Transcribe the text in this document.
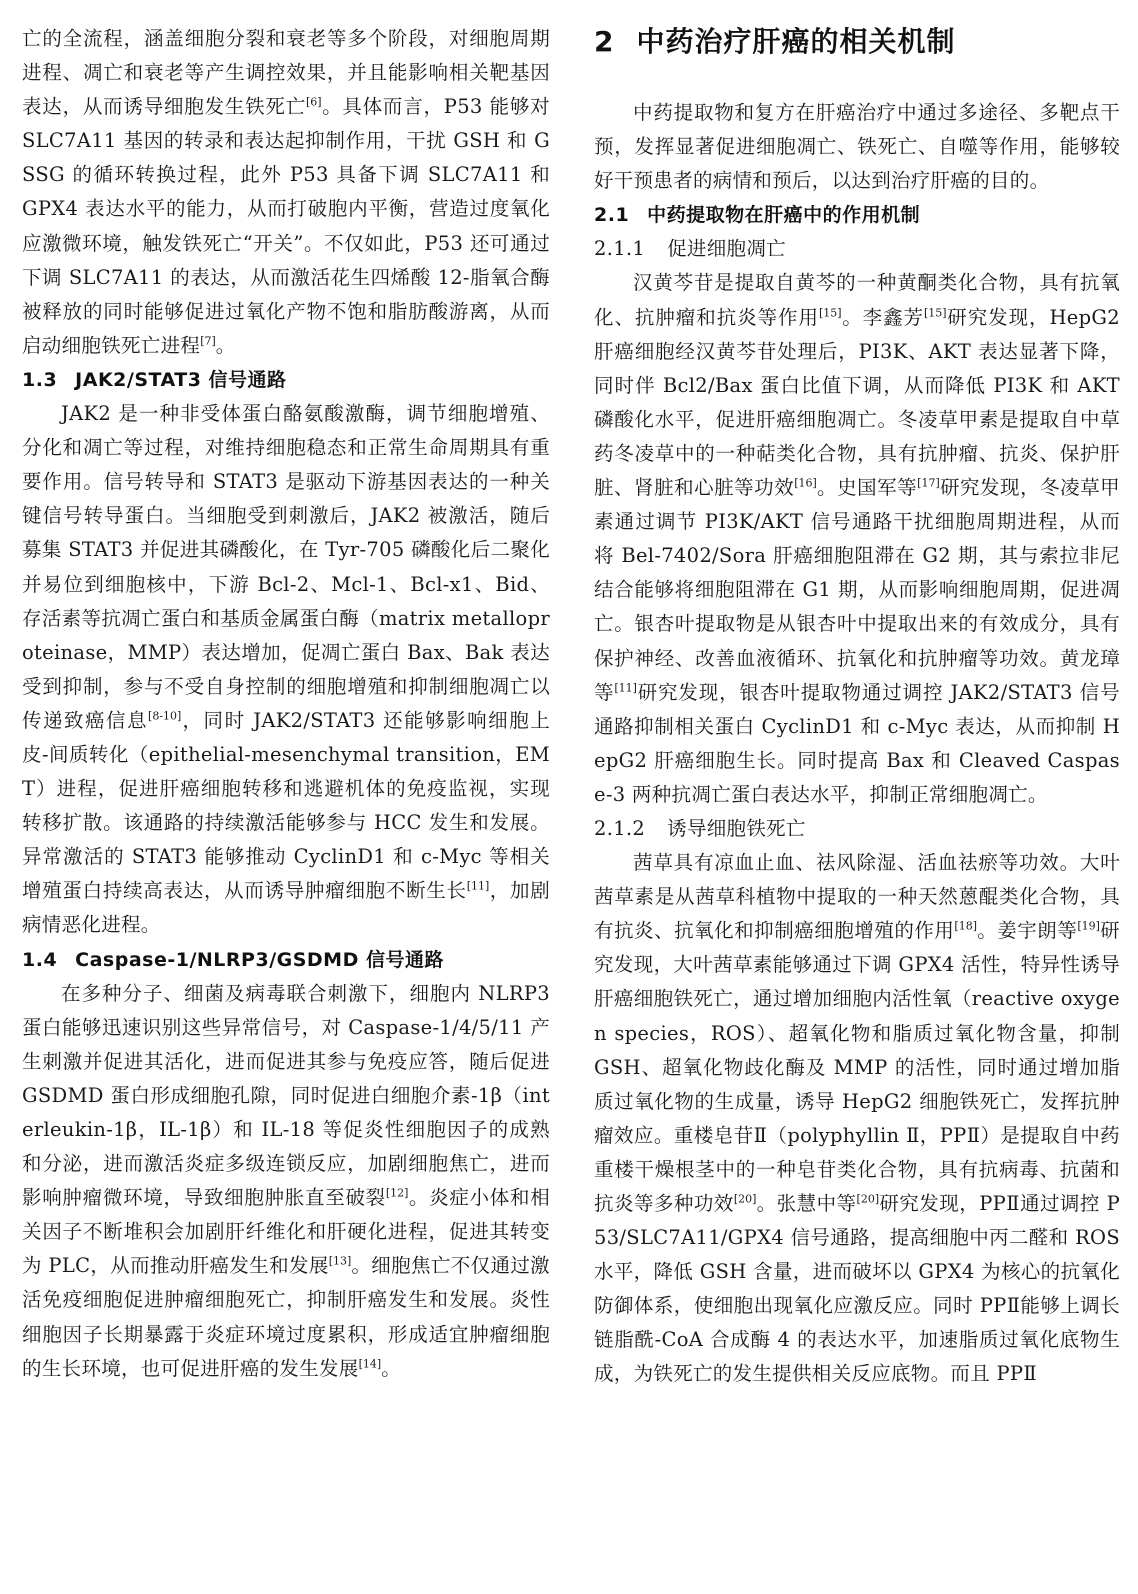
亡的全流程，涵盖细胞分裂和衰老等多个阶段，对细胞周期进程、凋亡和衰老等产生调控效果，并且能影响相关靶基因表达，从而诱导细胞发生铁死亡[6]。具体而言，P53 能够对 SLC7A11 基因的转录和表达起抑制作用，干扰 GSH 和 GSSG 的循环转换过程，此外 P53 具备下调 SLC7A11 和 GPX4 表达水平的能力，从而打破胞内平衡，营造过度氧化应激微环境，触发铁死亡“开关”。不仅如此，P53 还可通过下调 SLC7A11 的表达，从而激活花生四烯酸 12-脂氧合酶被释放的同时能够促进过氧化产物不饱和脂肪酸游离，从而启动细胞铁死亡进程[7]。

1.3 JAK2/STAT3 信号通路

JAK2 是一种非受体蛋白酪氨酸激酶，调节细胞增殖、分化和凋亡等过程，对维持细胞稳态和正常生命周期具有重要作用。信号转导和 STAT3 是驱动下游基因表达的一种关键信号转导蛋白。当细胞受到刺激后，JAK2 被激活，随后募集 STAT3 并促进其磷酸化，在 Tyr-705 磷酸化后二聚化并易位到细胞核中，下游 Bcl-2、Mcl-1、Bcl-x1、Bid、存活素等抗凋亡蛋白和基质金属蛋白酶（matrix metalloproteinase，MMP）表达增加，促凋亡蛋白 Bax、Bak 表达受到抑制，参与不受自身控制的细胞增殖和抑制细胞凋亡以传递致癌信息[8-10]，同时 JAK2/STAT3 还能够影响细胞上皮-间质转化（epithelial-mesenchymal transition，EMT）进程，促进肝癌细胞转移和逃避机体的免疫监视，实现转移扩散。该通路的持续激活能够参与 HCC 发生和发展。异常激活的 STAT3 能够推动 CyclinD1 和 c-Myc 等相关增殖蛋白持续高表达，从而诱导肿瘤细胞不断生长[11]，加剧病情恶化进程。

1.4 Caspase-1/NLRP3/GSDMD 信号通路

在多种分子、细菌及病毒联合刺激下，细胞内 NLRP3 蛋白能够迅速识别这些异常信号，对 Caspase-1/4/5/11 产生刺激并促进其活化，进而促进其参与免疫应答，随后促进 GSDMD 蛋白形成细胞孔隙，同时促进白细胞介素-1β（interleukin-1β，IL-1β）和 IL-18 等促炎性细胞因子的成熟和分泌，进而激活炎症多级连锁反应，加剧细胞焦亡，进而影响肿瘤微环境，导致细胞肿胀直至破裂[12]。炎症小体和相关因子不断堆积会加剧肝纤维化和肝硬化进程，促进其转变为 PLC，从而推动肝癌发生和发展[13]。细胞焦亡不仅通过激活免疫细胞促进肿瘤细胞死亡，抑制肝癌发生和发展。炎性细胞因子长期暴露于炎症环境过度累积，形成适宜肿瘤细胞的生长环境，也可促进肝癌的发生发展[14]。

2 中药治疗肝癌的相关机制

中药提取物和复方在肝癌治疗中通过多途径、多靶点干预，发挥显著促进细胞凋亡、铁死亡、自噬等作用，能够较好干预患者的病情和预后，以达到治疗肝癌的目的。

2.1 中药提取物在肝癌中的作用机制
2.1.1 促进细胞凋亡

汉黄芩苷是提取自黄芩的一种黄酮类化合物，具有抗氧化、抗肿瘤和抗炎等作用[15]。李鑫芳[15]研究发现，HepG2 肝癌细胞经汉黄芩苷处理后，PI3K、AKT 表达显著下降，同时伴 Bcl2/Bax 蛋白比值下调，从而降低 PI3K 和 AKT 磷酸化水平，促进肝癌细胞凋亡。冬凌草甲素是提取自中草药冬凌草中的一种萜类化合物，具有抗肿瘤、抗炎、保护肝脏、肾脏和心脏等功效[16]。史国军等[17]研究发现，冬凌草甲素通过调节 PI3K/AKT 信号通路干扰细胞周期进程，从而将 Bel-7402/Sora 肝癌细胞阻滞在 G2 期，其与索拉非尼结合能够将细胞阻滞在 G1 期，从而影响细胞周期，促进凋亡。银杏叶提取物是从银杏叶中提取出来的有效成分，具有保护神经、改善血液循环、抗氧化和抗肿瘤等功效。黄龙璋等[11]研究发现，银杏叶提取物通过调控 JAK2/STAT3 信号通路抑制相关蛋白 CyclinD1 和 c-Myc 表达，从而抑制 HepG2 肝癌细胞生长。同时提高 Bax 和 Cleaved Caspase-3 两种抗凋亡蛋白表达水平，抑制正常细胞凋亡。

2.1.2 诱导细胞铁死亡

茜草具有凉血止血、祛风除湿、活血祛瘀等功效。大叶茜草素是从茜草科植物中提取的一种天然蒽醌类化合物，具有抗炎、抗氧化和抑制癌细胞增殖的作用[18]。姜宇朗等[19]研究发现，大叶茜草素能够通过下调 GPX4 活性，特异性诱导肝癌细胞铁死亡，通过增加细胞内活性氧（reactive oxygen species，ROS）、超氧化物和脂质过氧化物含量，抑制 GSH、超氧化物歧化酶及 MMP 的活性，同时通过增加脂质过氧化物的生成量，诱导 HepG2 细胞铁死亡，发挥抗肿瘤效应。重楼皂苷Ⅱ（polyphyllin Ⅱ，PPⅡ）是提取自中药重楼干燥根茎中的一种皂苷类化合物，具有抗病毒、抗菌和抗炎等多种功效[20]。张慧中等[20]研究发现，PPⅡ通过调控 P53/SLC7A11/GPX4 信号通路，提高细胞中丙二醛和 ROS 水平，降低 GSH 含量，进而破坏以 GPX4 为核心的抗氧化防御体系，使细胞出现氧化应激反应。同时 PPⅡ能够上调长链脂酰-CoA 合成酶 4 的表达水平，加速脂质过氧化底物生成，为铁死亡的发生提供相关反应底物。而且 PPⅡ
